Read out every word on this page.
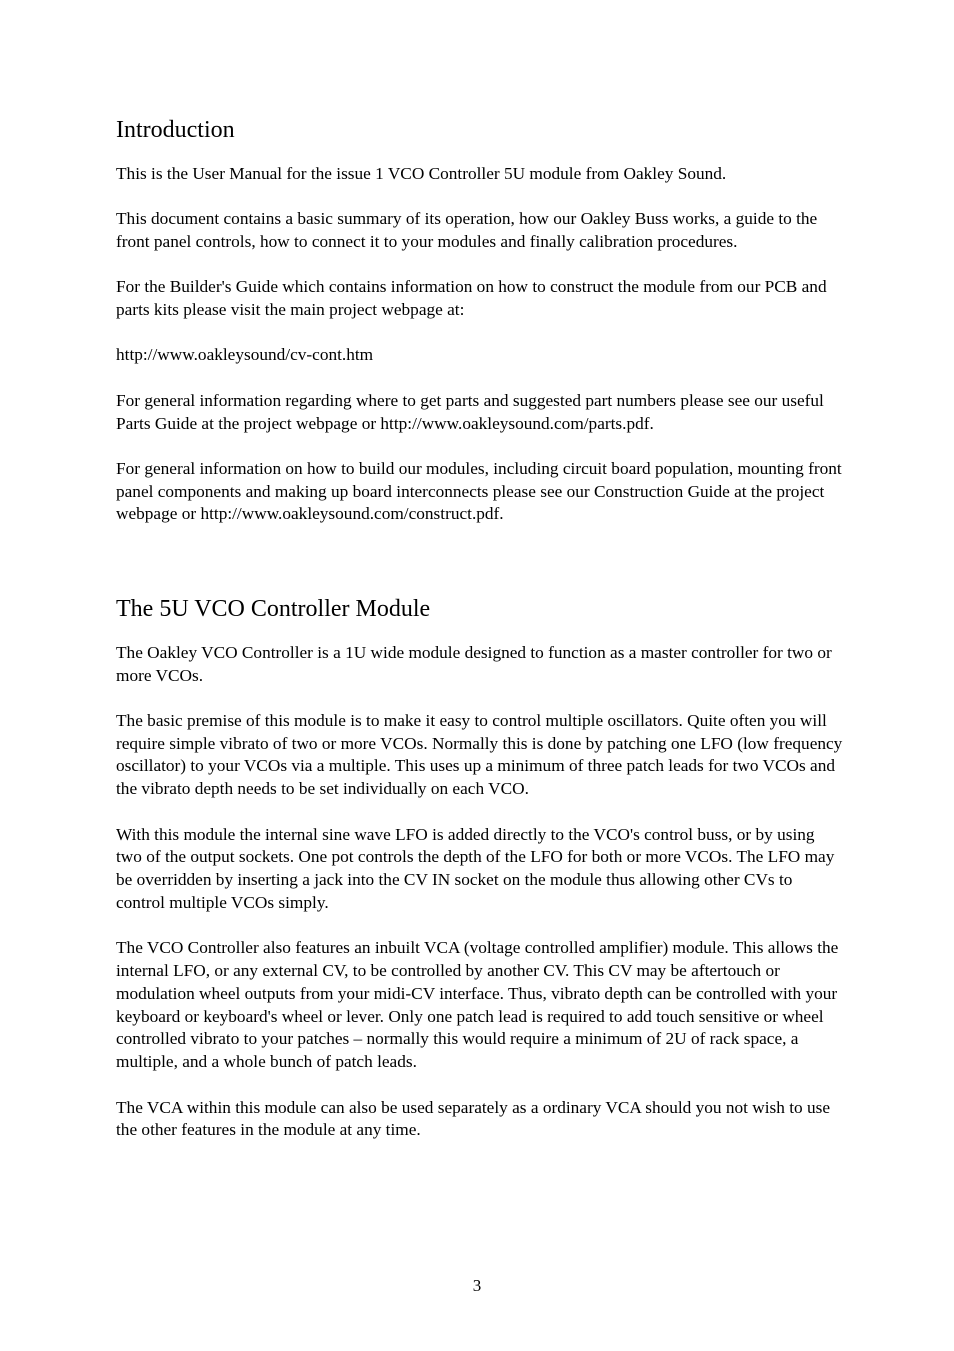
Introduction

This is the User Manual for the issue 1 VCO Controller 5U module from Oakley Sound.

This document contains a basic summary of its operation, how our Oakley Buss works, a guide to the front panel controls, how to connect it to your modules and finally calibration procedures.

For the Builder's Guide which contains information on how to construct the module from our PCB and parts kits please visit the main project webpage at:

http://www.oakleysound/cv-cont.htm

For general information regarding where to get parts and suggested part numbers please see our useful Parts Guide at the project webpage or http://www.oakleysound.com/parts.pdf.

For general information on how to build our modules, including circuit board population, mounting front panel components and making up board interconnects please see our Construction Guide at the project webpage or http://www.oakleysound.com/construct.pdf.

The 5U VCO Controller Module

The Oakley VCO Controller is a 1U wide module designed to function as a master controller for two or more VCOs.

The basic premise of this module is to make it easy to control multiple oscillators. Quite often you will require simple vibrato of two or more VCOs. Normally this is done by patching one LFO (low frequency oscillator) to your VCOs via a multiple. This uses up a minimum of three patch leads for two VCOs and the vibrato depth needs to be set individually on each VCO.

With this module the internal sine wave LFO is added directly to the VCO's control buss, or by using two of the output sockets. One pot controls the depth of the LFO for both or more VCOs. The LFO may be overridden by inserting a jack into the CV IN socket on the module thus allowing other CVs to control multiple VCOs simply.

The VCO Controller also features an inbuilt VCA (voltage controlled amplifier) module. This allows the internal LFO, or any external CV, to be controlled by another CV. This CV may be aftertouch or modulation wheel outputs from your midi-CV interface. Thus, vibrato depth can be controlled with your keyboard or keyboard's wheel or lever. Only one patch lead is required to add touch sensitive or wheel controlled vibrato to your patches – normally this would require a minimum of 2U of rack space, a multiple, and a whole bunch of patch leads.

The VCA within this module can also be used separately as a ordinary VCA should you not wish to use the other features in the module at any time.

3
